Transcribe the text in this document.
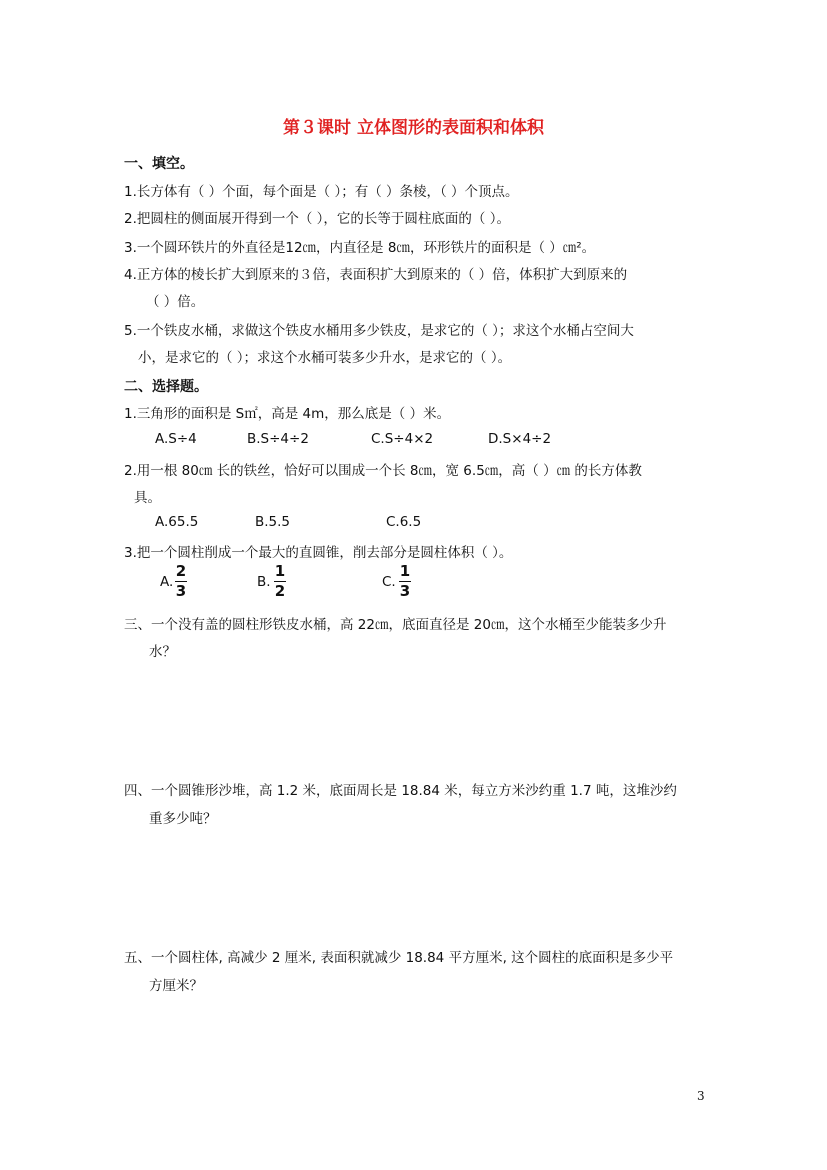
第３课时 立体图形的表面积和体积
一、填空。
1.长方体有（ ）个面，每个面是（ ）；有（ ）条棱，（ ）个顶点。
2.把圆柱的侧面展开得到一个（ ），它的长等于圆柱底面的（ ）。
3.一个圆环铁片的外直径是12㎝，内直径是 8㎝，环形铁片的面积是（ ）㎝²。
4.正方体的棱长扩大到原来的３倍，表面积扩大到原来的（ ）倍，体积扩大到原来的
（ ）倍。
5.一个铁皮水桶，求做这个铁皮水桶用多少铁皮，是求它的（ ）；求这个水桶占空间大
小，是求它的（ ）；求这个水桶可装多少升水，是求它的（ ）。
二、选择题。
1.三角形的面积是 S㎡，高是 4m，那么底是（ ）米。
A.S÷4	B.S÷4÷2	C.S÷4×2	D.S×4÷2
2.用一根 80㎝ 长的铁丝，恰好可以围成一个长 8㎝，宽 6.5㎝，高（ ）㎝ 的长方体教
具。
A.65.5	B.5.5	C.6.5
3.把一个圆柱削成一个最大的直圆锥，削去部分是圆柱体积（ ）。
A.
2
3	B.
1
2	C.
1
3
三、一个没有盖的圆柱形铁皮水桶，高 22㎝，底面直径是 20㎝，这个水桶至少能装多少升
水？
四、一个圆锥形沙堆，高 1.2 米，底面周长是 18.84 米，每立方米沙约重 1.7 吨，这堆沙约
重多少吨？
五、一个圆柱体, 高减少 2 厘米, 表面积就减少 18.84 平方厘米, 这个圆柱的底面积是多少平
方厘米？
3
